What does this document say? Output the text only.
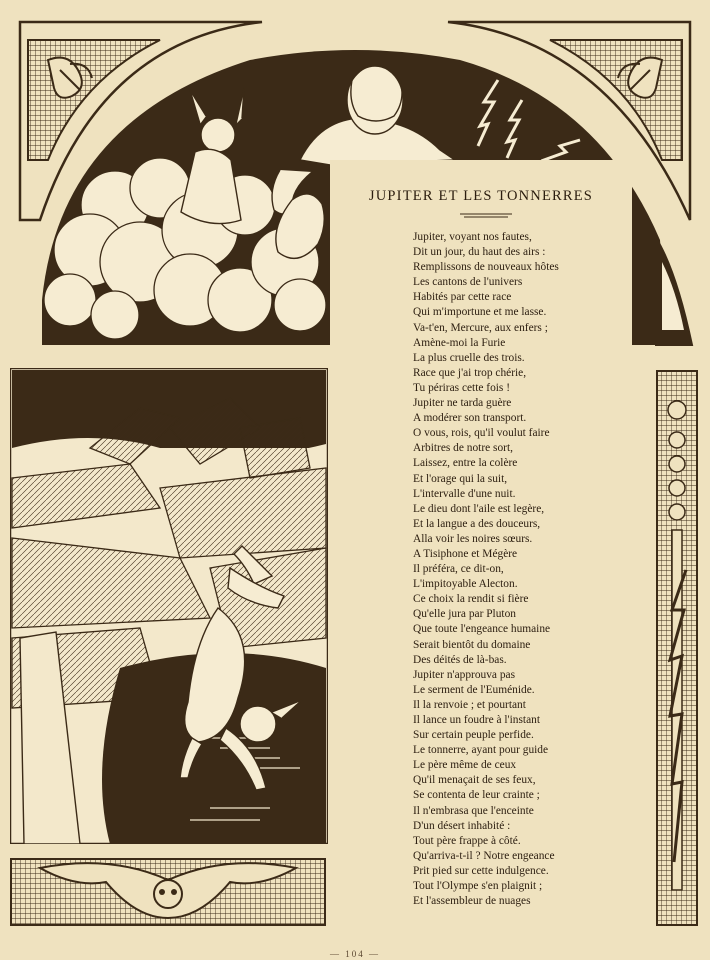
JUPITER ET LES TONNERRES
Jupiter, voyant nos fautes,
Dit un jour, du haut des airs :
Remplissons de nouveaux hôtes
Les cantons de l'univers
Habités par cette race
Qui m'importune et me lasse.
Va-t'en, Mercure, aux enfers ;
Amène-moi la Furie
La plus cruelle des trois.
Race que j'ai trop chérie,
Tu périras cette fois !
Jupiter ne tarda guère
A modérer son transport.
O vous, rois, qu'il voulut faire
Arbitres de notre sort,
Laissez, entre la colère
Et l'orage qui la suit,
L'intervalle d'une nuit.
Le dieu dont l'aile est legère,
Et la langue a des douceurs,
Alla voir les noires sœurs.
A Tisiphone et Mégère
Il préféra, ce dit-on,
L'impitoyable Alecton.
Ce choix la rendit si fière
Qu'elle jura par Pluton
Que toute l'engeance humaine
Serait bientôt du domaine
Des déités de là-bas.
Jupiter n'approuva pas
Le serment de l'Euménide.
Il la renvoie ; et pourtant
Il lance un foudre à l'instant
Sur certain peuple perfide.
Le tonnerre, ayant pour guide
Le père même de ceux
Qu'il menaçait de ses feux,
Se contenta de leur crainte ;
Il n'embrasa que l'enceinte
D'un désert inhabité :
Tout père frappe à côté.
Qu'arriva-t-il ? Notre engeance
Prit pied sur cette indulgence.
Tout l'Olympe s'en plaignit ;
Et l'assembleur de nuages
— 104 —
